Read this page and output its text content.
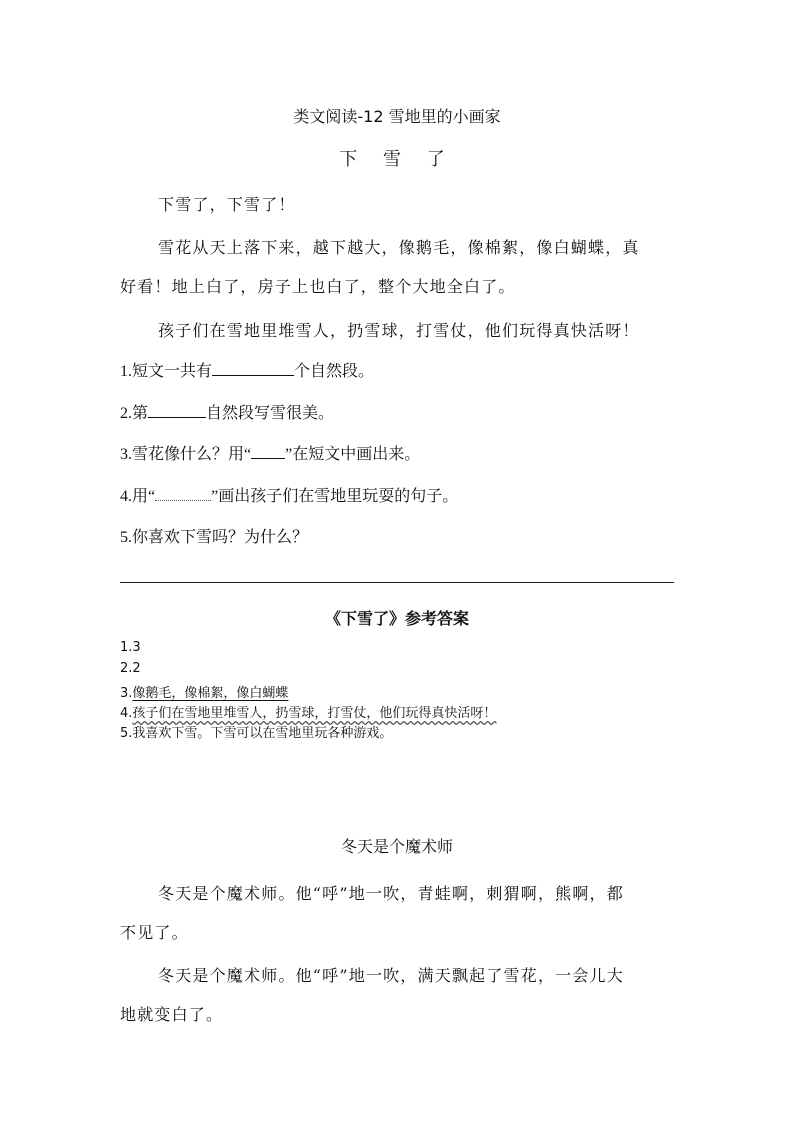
类文阅读-12 雪地里的小画家
下 雪 了
下雪了，下雪了！
雪花从天上落下来，越下越大，像鹅毛，像棉絮，像白蝴蝶，真
好看！地上白了，房子上也白了，整个大地全白了。
孩子们在雪地里堆雪人，扔雪球，打雪仗，他们玩得真快活呀！
1.短文一共有	个自然段。
2.第	自然段写雪很美。
3.雪花像什么？用“ ”在短文中画出来。
4.用“	”画出孩子们在雪地里玩耍的句子。
5.你喜欢下雪吗？为什么？
《下雪了》参考答案
1.3
2.2
3.像鹅毛，像棉絮，像白蝴蝶
4.孩子们在雪地里堆雪人，扔雪球，打雪仗，他们玩得真快活呀！
5.我喜欢下雪。下雪可以在雪地里玩各种游戏。
冬天是个魔术师
冬天是个魔术师。他“呼”地一吹，青蛙啊，刺猬啊，熊啊，都
不见了。
冬天是个魔术师。他“呼”地一吹，满天飘起了雪花，一会儿大
地就变白了。
